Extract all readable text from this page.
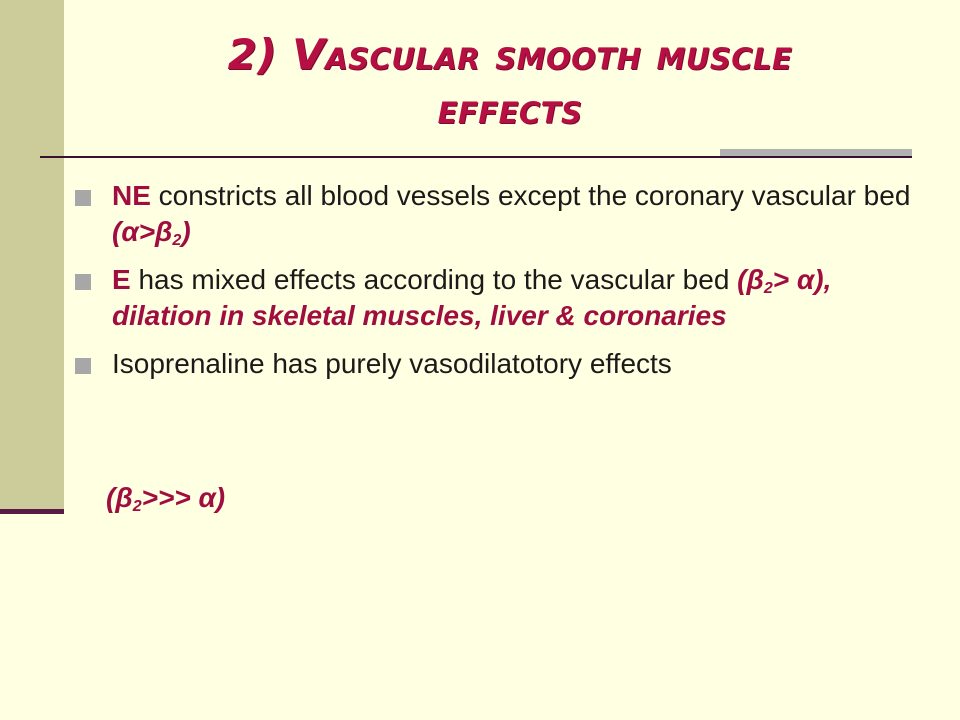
2) Vascular smooth muscle
effects
NE constricts all blood vessels except the coronary vascular bed $(\alpha>\beta_2)$
E has mixed effects according to the vascular bed $(\beta_2> \alpha)$, dilation in skeletal muscles, liver & coronaries
Isoprenaline has purely vasodilatotory effects
$(\beta_2>>> \alpha)$
